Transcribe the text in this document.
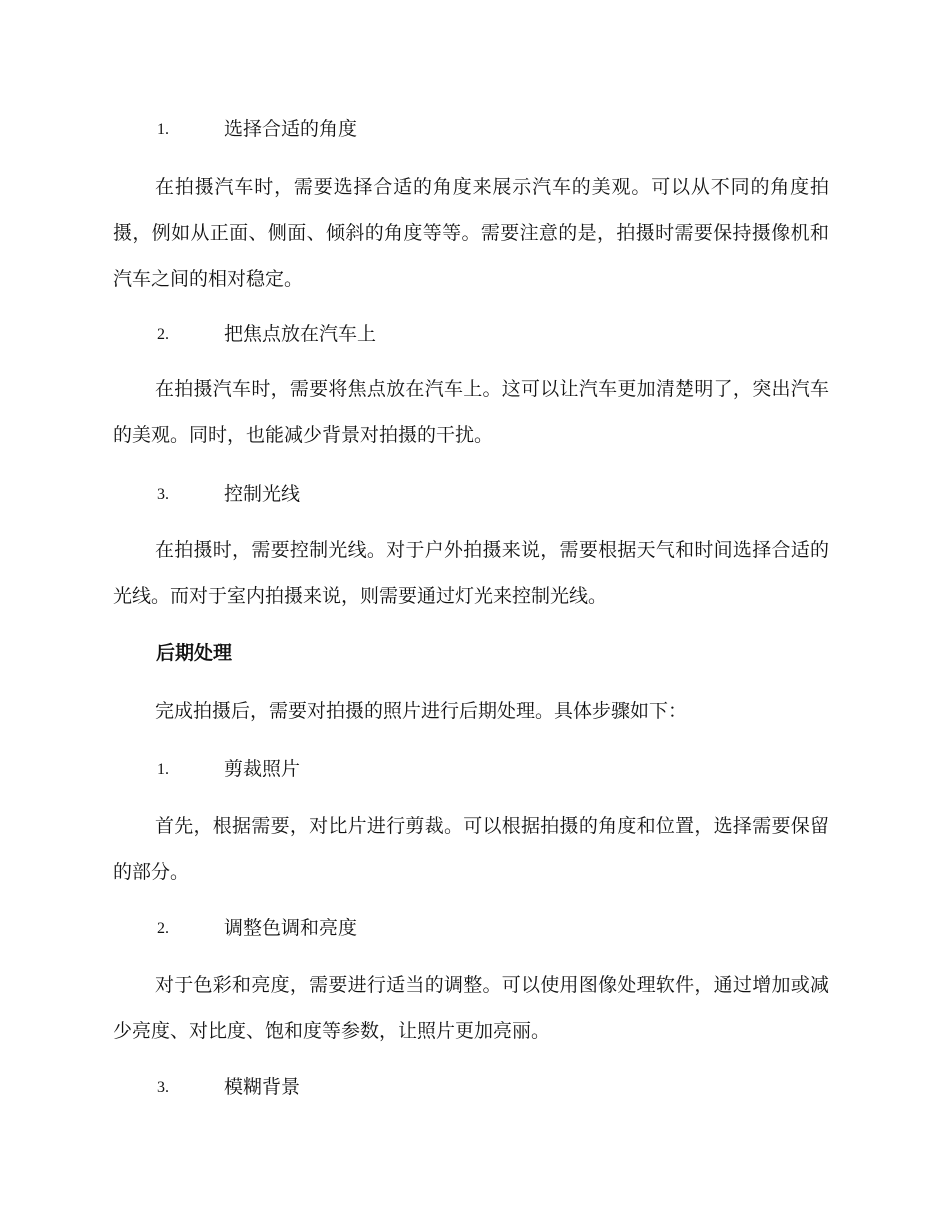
1.	选择合适的角度

在拍摄汽车时，需要选择合适的角度来展示汽车的美观。可以从不同的角度拍摄，例如从正面、侧面、倾斜的角度等等。需要注意的是，拍摄时需要保持摄像机和汽车之间的相对稳定。

2.	把焦点放在汽车上

在拍摄汽车时，需要将焦点放在汽车上。这可以让汽车更加清楚明了，突出汽车的美观。同时，也能减少背景对拍摄的干扰。

3.	控制光线

在拍摄时，需要控制光线。对于户外拍摄来说，需要根据天气和时间选择合适的光线。而对于室内拍摄来说，则需要通过灯光来控制光线。

后期处理

完成拍摄后，需要对拍摄的照片进行后期处理。具体步骤如下：

1.	剪裁照片

首先，根据需要，对比片进行剪裁。可以根据拍摄的角度和位置，选择需要保留的部分。

2.	调整色调和亮度

对于色彩和亮度，需要进行适当的调整。可以使用图像处理软件，通过增加或减少亮度、对比度、饱和度等参数，让照片更加亮丽。

3.	模糊背景
